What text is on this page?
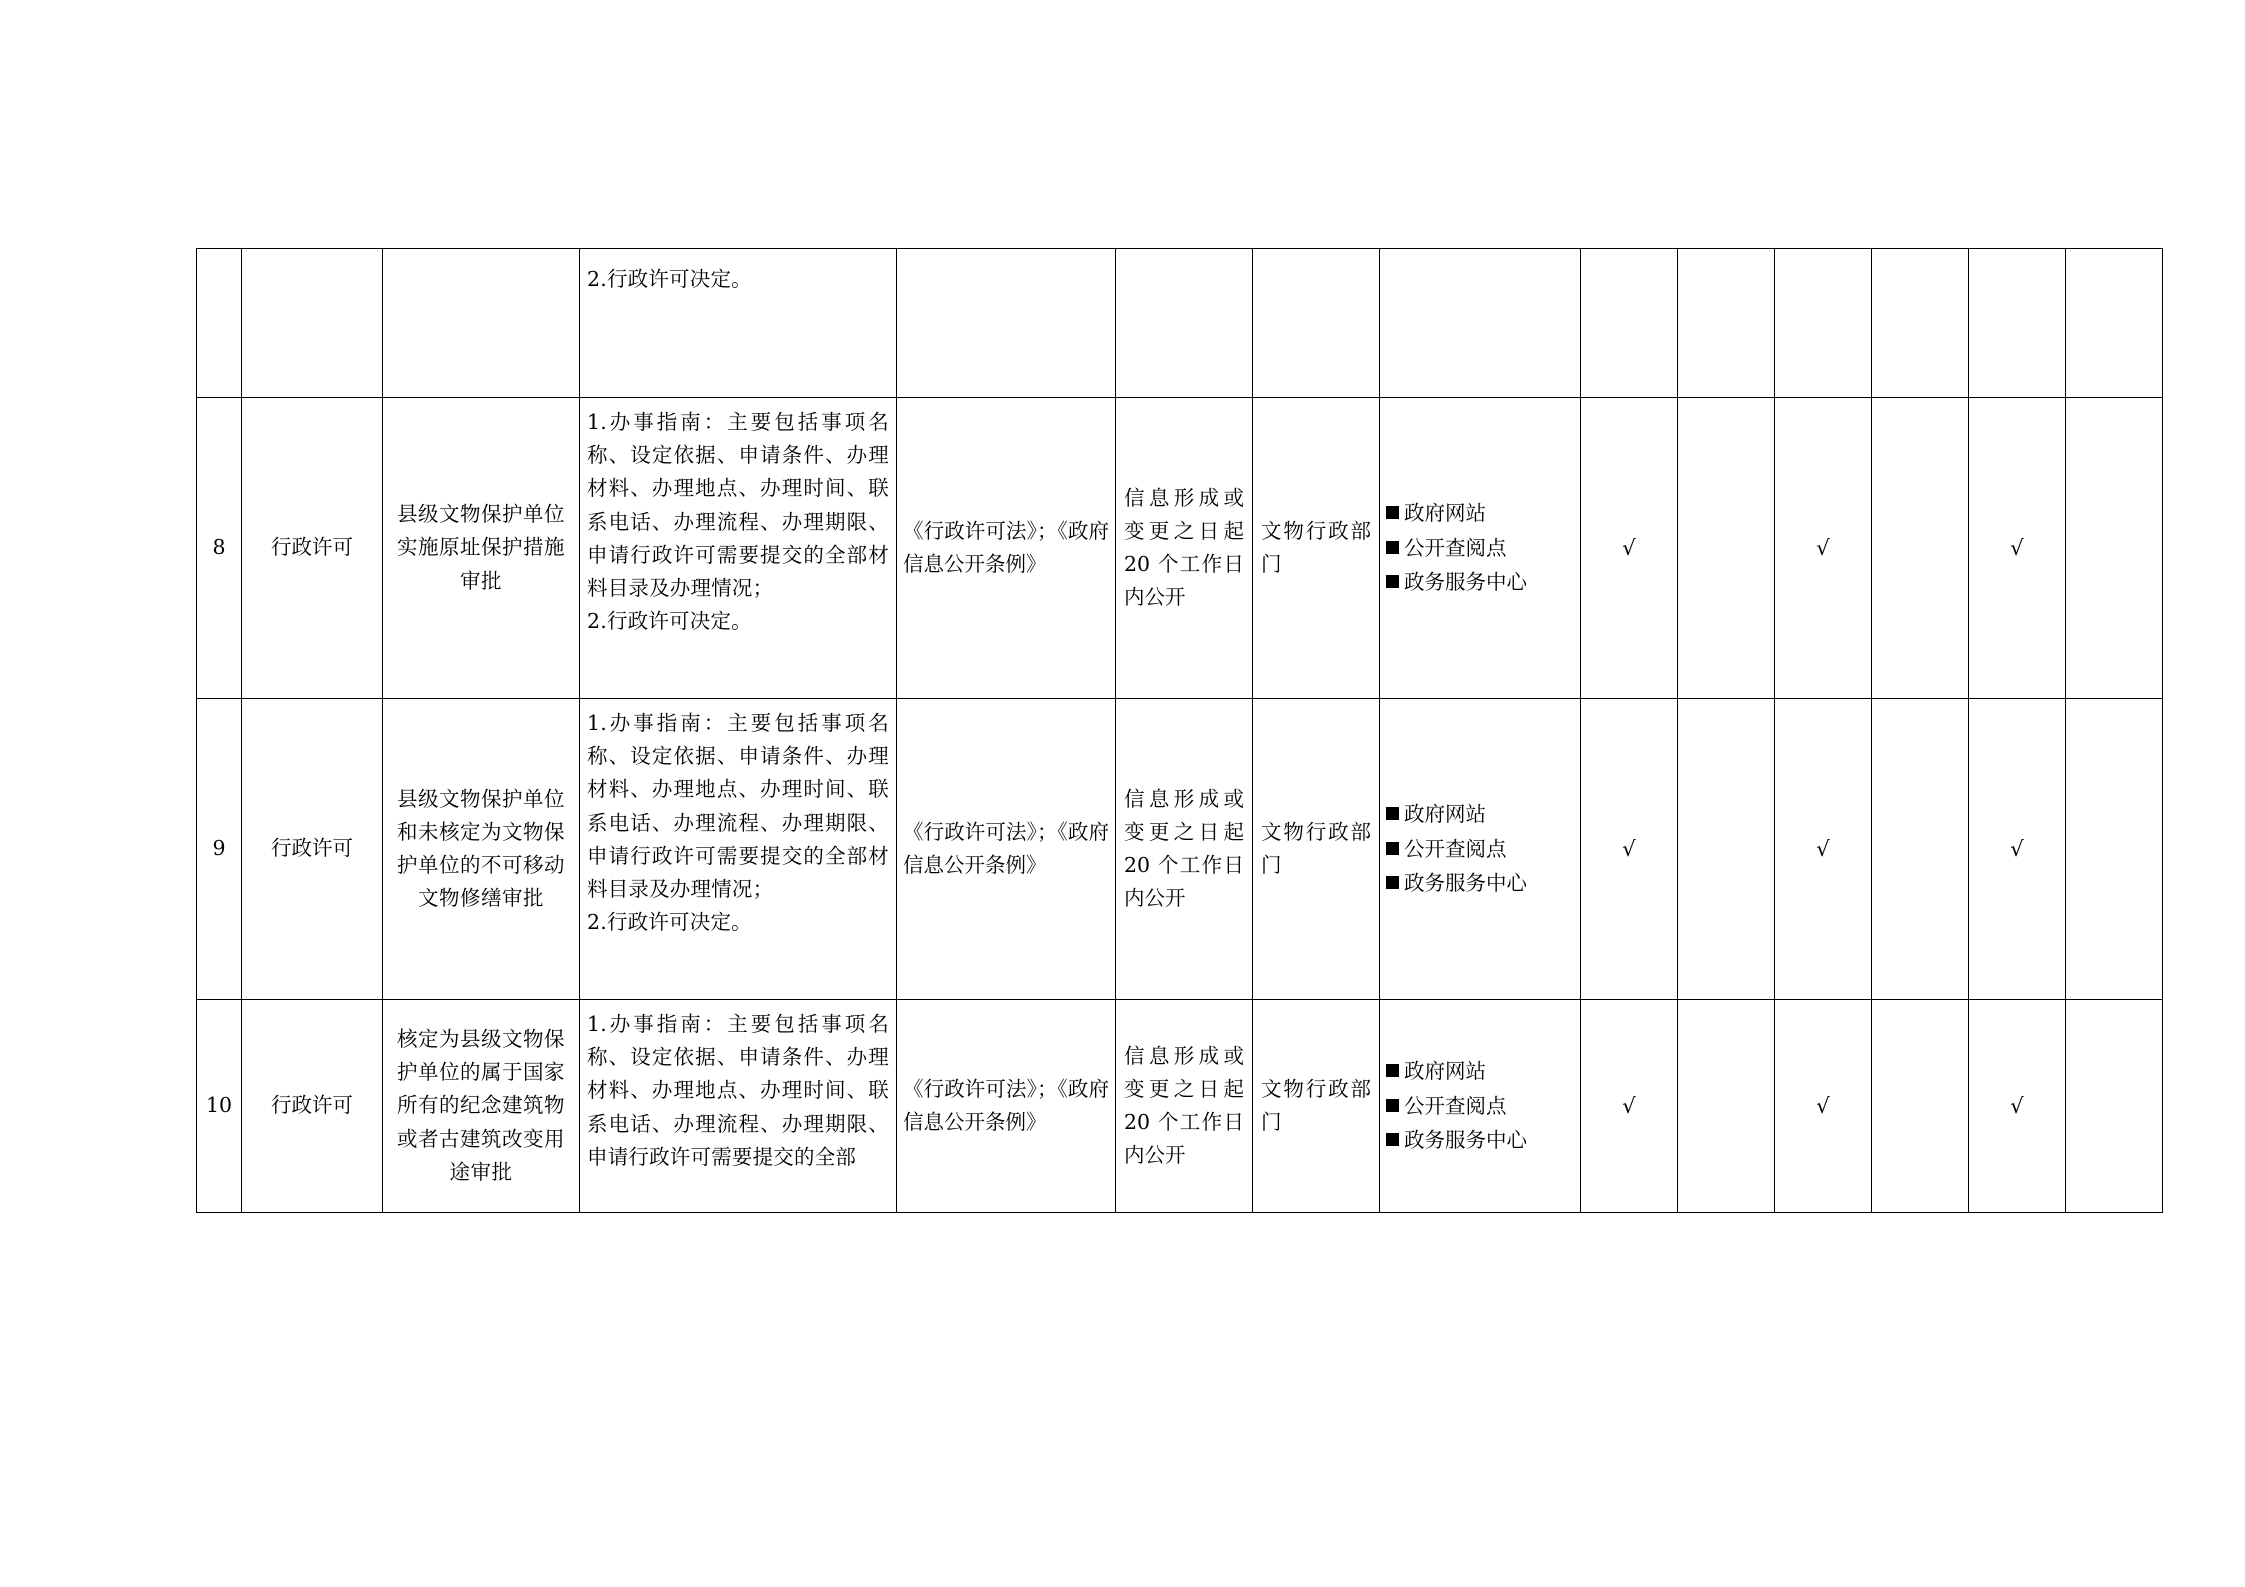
			2.行政许可决定。										

8	行政许可	县级文物保护单位实施原址保护措施审批	1.办事指南：主要包括事项名称、设定依据、申请条件、办理材料、办理地点、办理时间、联系电话、办理流程、办理期限、申请行政许可需要提交的全部材料目录及办理情况；
2.行政许可决定。	《行政许可法》；《政府信息公开条例》	信息形成或变更之日起20 个工作日内公开	文物行政部门	政府网站
公开查阅点
政务服务中心	√		√		√	
9	行政许可	县级文物保护单位和未核定为文物保护单位的不可移动文物修缮审批	1.办事指南：主要包括事项名称、设定依据、申请条件、办理材料、办理地点、办理时间、联系电话、办理流程、办理期限、申请行政许可需要提交的全部材料目录及办理情况；
2.行政许可决定。	《行政许可法》；《政府信息公开条例》	信息形成或变更之日起20 个工作日内公开	文物行政部门	政府网站
公开查阅点
政务服务中心	√		√		√	
10	行政许可	核定为县级文物保护单位的属于国家所有的纪念建筑物或者古建筑改变用途审批	1.办事指南：主要包括事项名称、设定依据、申请条件、办理材料、办理地点、办理时间、联系电话、办理流程、办理期限、申请行政许可需要提交的全部	《行政许可法》；《政府信息公开条例》	信息形成或变更之日起20 个工作日内公开	文物行政部门	政府网站
公开查阅点
政务服务中心	√		√		√	
